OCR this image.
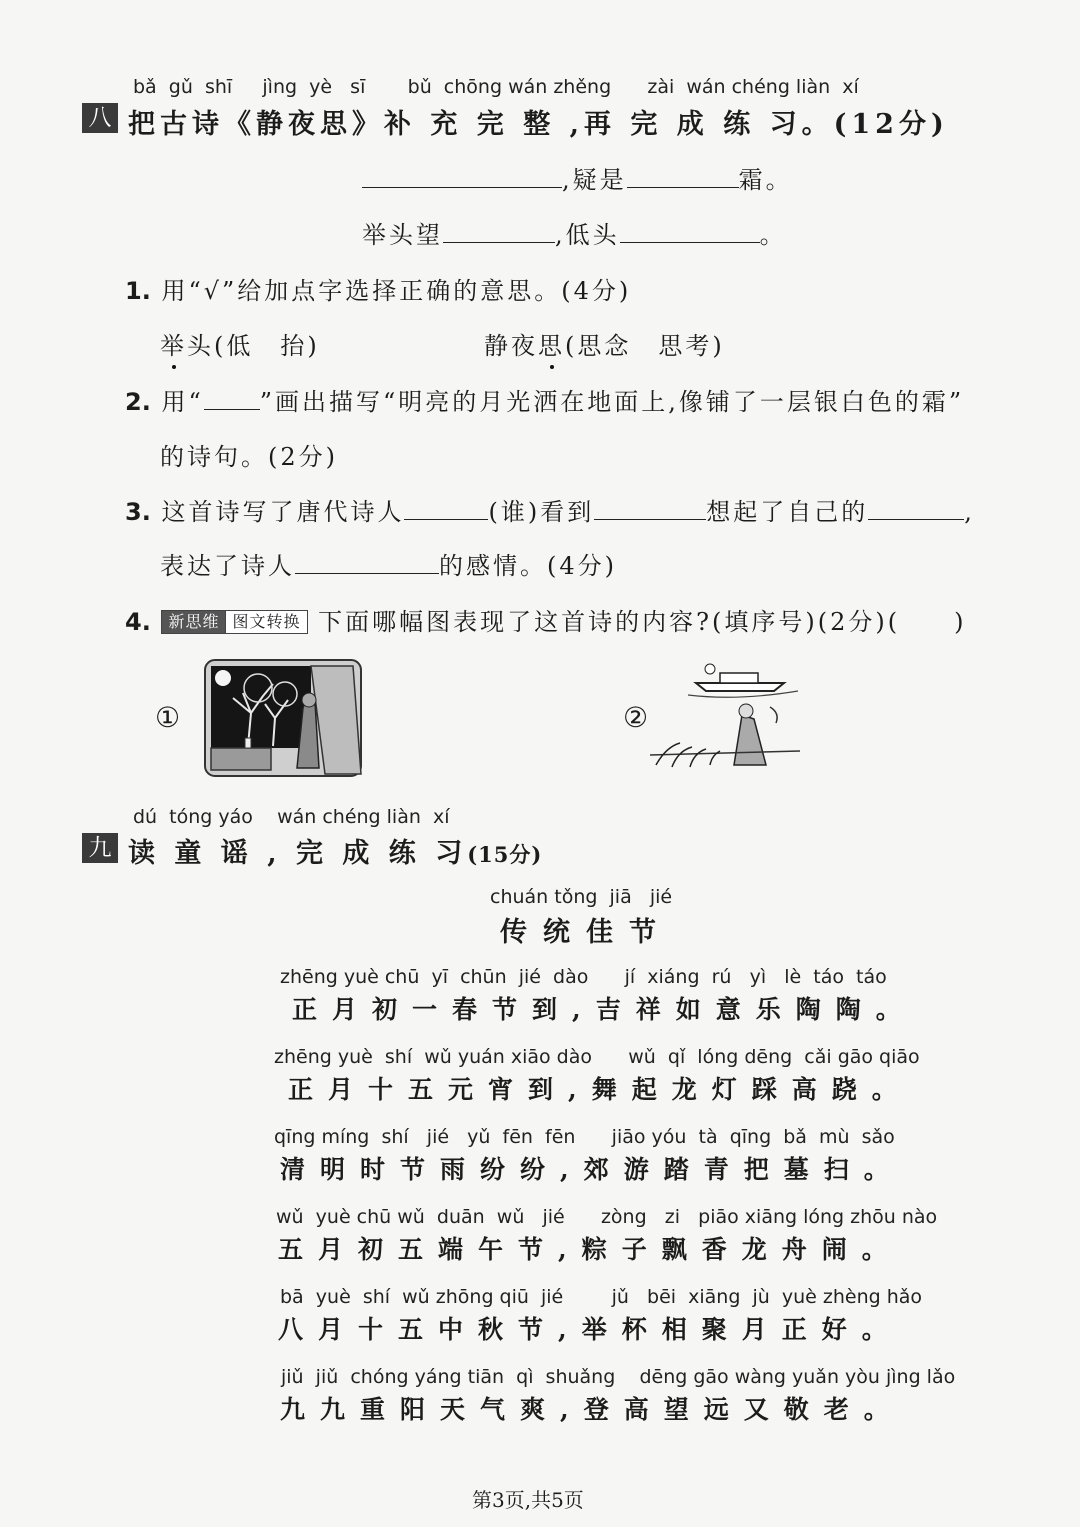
bǎ  gǔ  shī     jìng  yè   sī       bǔ  chōng wán zhěng      zài  wán chéng liàn  xí
八 把古诗《静夜思》补 充 完 整 ,再 完 成 练 习。(12分)
,疑是	霜。
举头望	,低头	。
1. 用“√”给加点字选择正确的意思。(4分)
举头(低　抬)	静夜思(思念　思考)
2. 用“ ”画出描写“明亮的月光洒在地面上,像铺了一层银白色的霜”
的诗句。(2分)
3. 这首诗写了唐代诗人	(谁)看到	想起了自己的	,
表达了诗人	的感情。(4分)
4. 新思维 图文转换 下面哪幅图表现了这首诗的内容?(填序号)(2分)(　　)
①	②
dú  tóng yáo    wán chéng liàn  xí
九 读 童 谣 , 完 成 练 习(15分)
chuán tǒng  jiā   jié
传统佳节
zhēng yuè chū  yī  chūn  jié  dào      jí  xiáng  rú   yì   lè  táo  táo
正月初一春节到,吉祥如意乐陶陶。
zhēng yuè  shí  wǔ yuán xiāo dào      wǔ  qǐ  lóng dēng  cǎi gāo qiāo
正月十五元宵到,舞起龙灯踩高跷。
qīng míng  shí   jié   yǔ  fēn  fēn      jiāo yóu  tà  qīng  bǎ  mù  sǎo
清明时节雨纷纷,郊游踏青把墓扫。
wǔ  yuè chū wǔ  duān  wǔ   jié      zòng   zi   piāo xiāng lóng zhōu nào
五月初五端午节,粽子飘香龙舟闹。
bā  yuè  shí  wǔ zhōng qiū  jié        jǔ   bēi  xiāng  jù  yuè zhèng hǎo
八月十五中秋节,举杯相聚月正好。
jiǔ  jiǔ  chóng yáng tiān  qì  shuǎng    dēng gāo wàng yuǎn yòu jìng lǎo
九九重阳天气爽,登高望远又敬老。
第3页,共5页
